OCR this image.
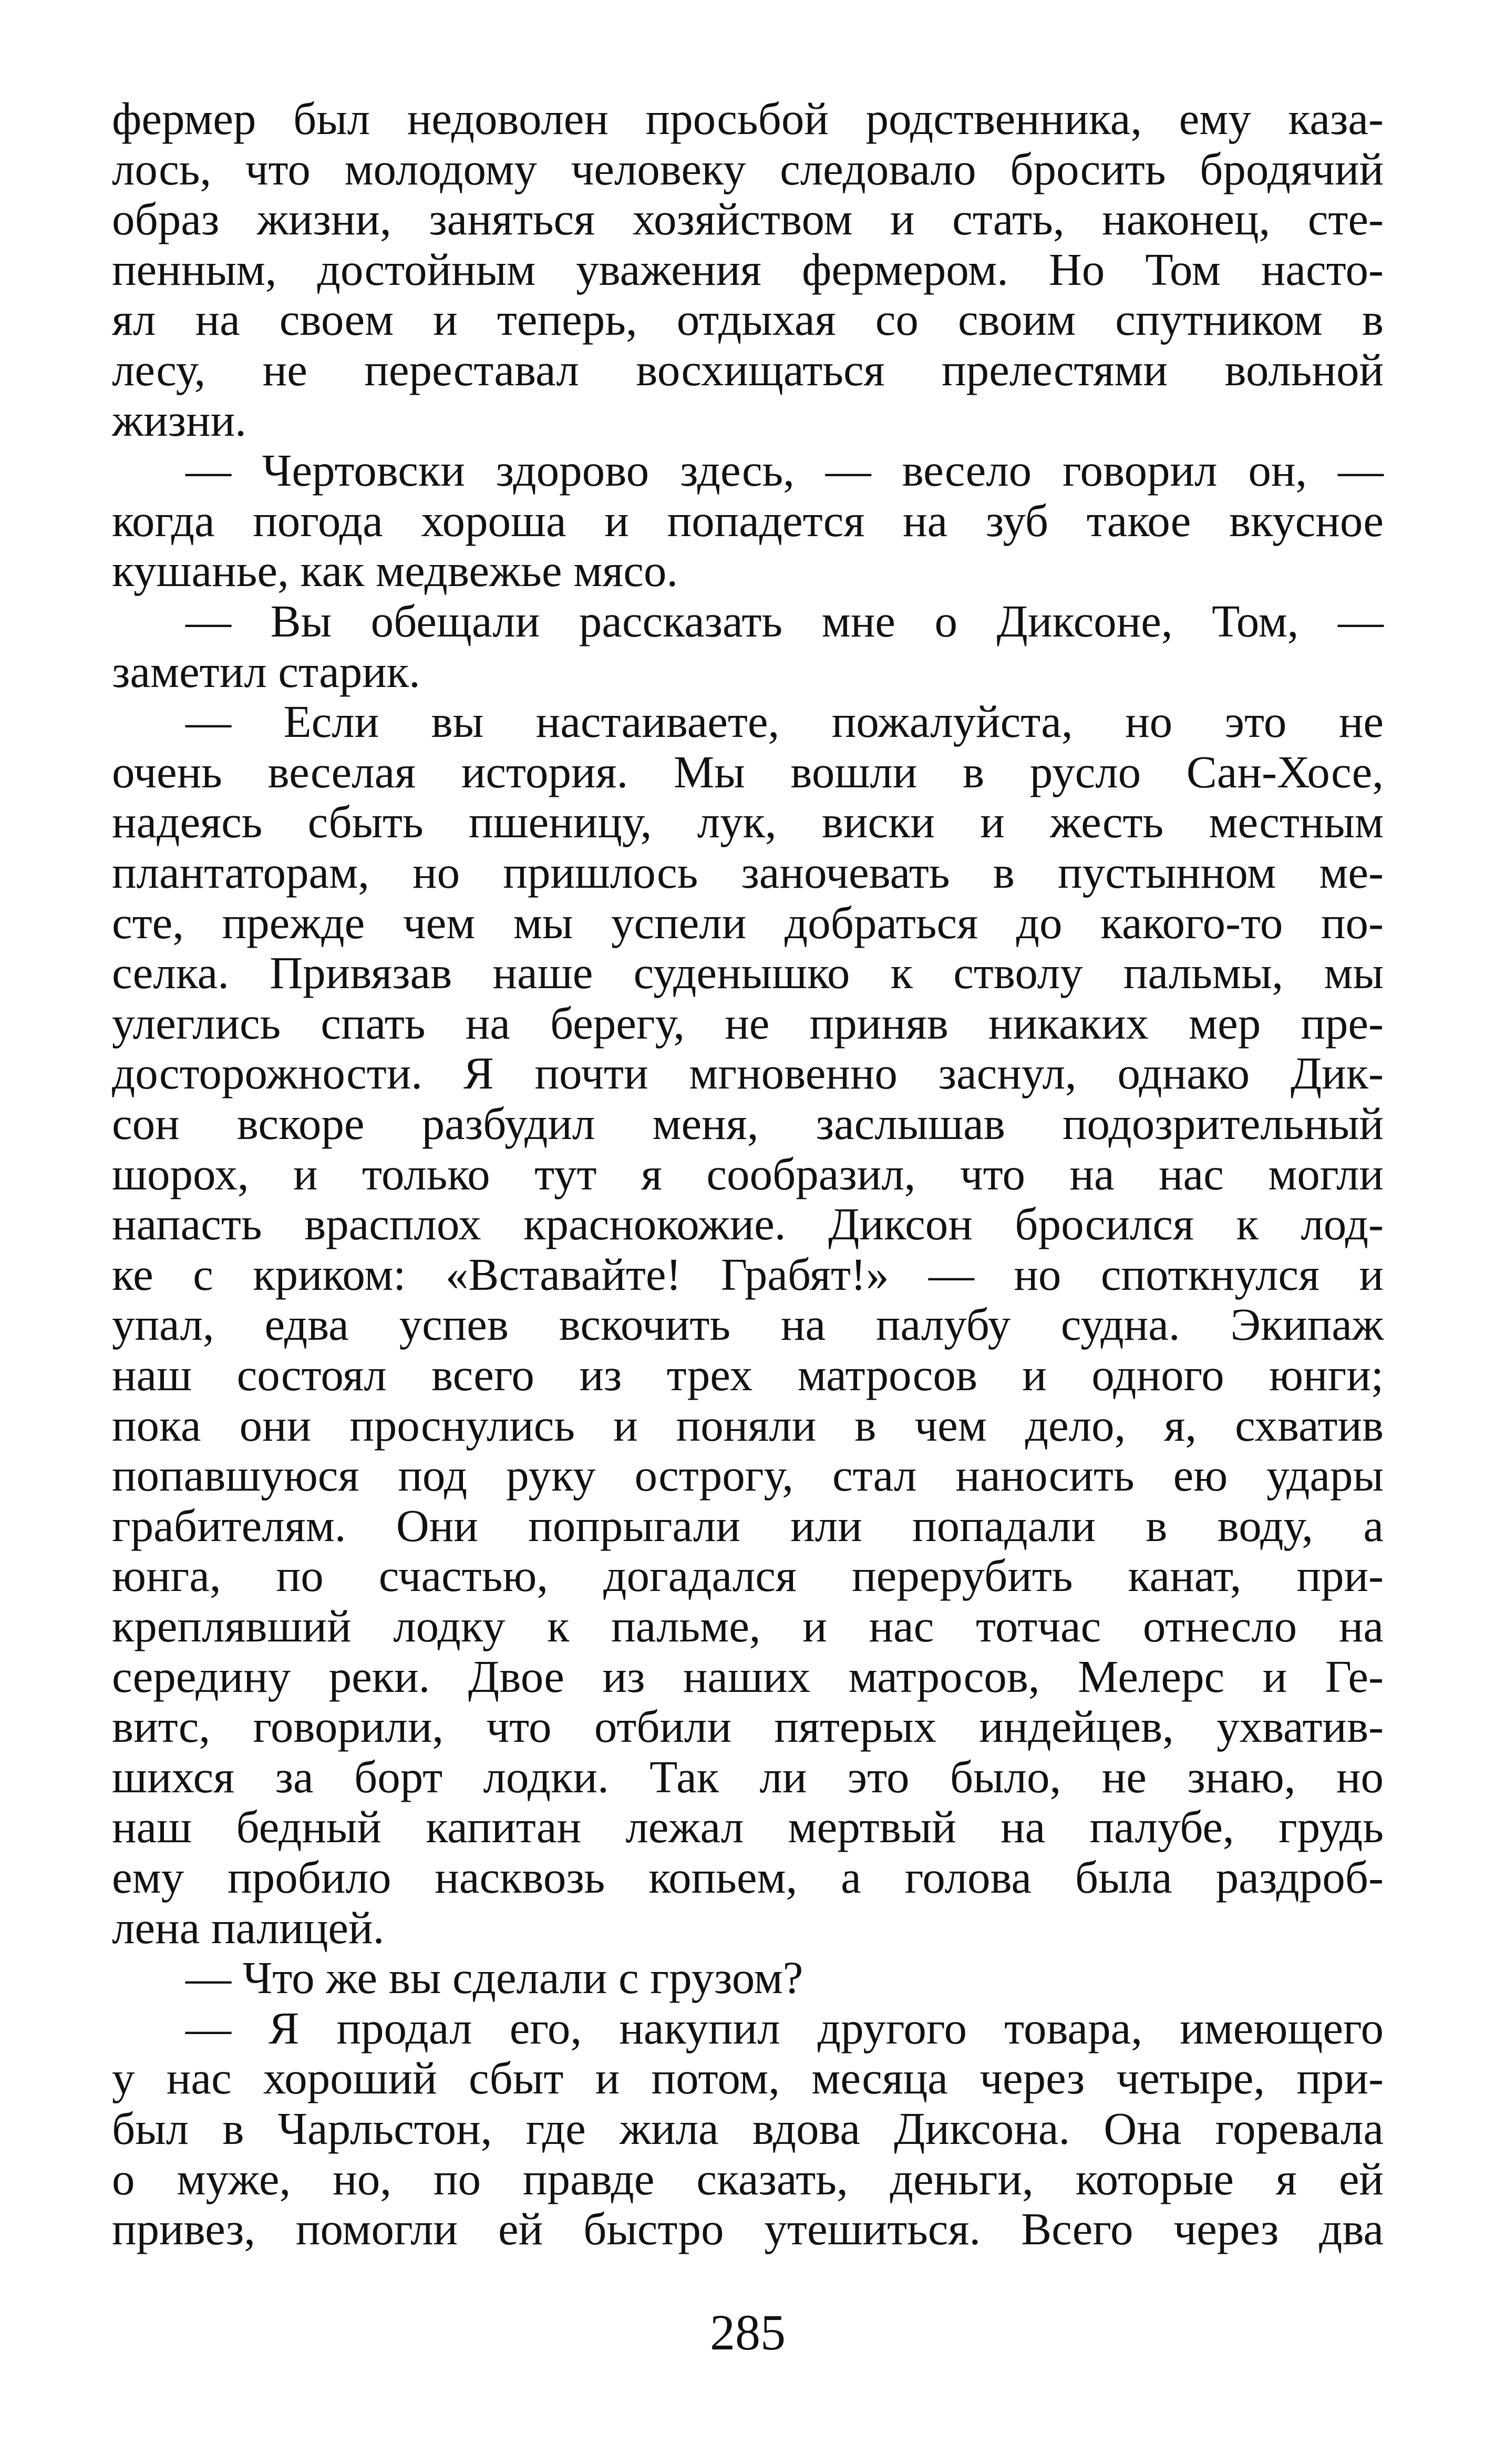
фермер был недоволен просьбой родственника, ему каза-
лось, что молодому человеку следовало бросить бродячий
образ жизни, заняться хозяйством и стать, наконец, сте-
пенным, достойным уважения фермером. Но Том насто-
ял на своем и теперь, отдыхая со своим спутником в
лесу, не переставал восхищаться прелестями вольной
жизни.
— Чертовски здорово здесь, — весело говорил он, —
когда погода хороша и попадется на зуб такое вкусное
кушанье, как медвежье мясо.
— Вы обещали рассказать мне о Диксоне, Том, —
заметил старик.
— Если вы настаиваете, пожалуйста, но это не
очень веселая история. Мы вошли в русло Сан-Хосе,
надеясь сбыть пшеницу, лук, виски и жесть местным
плантаторам, но пришлось заночевать в пустынном ме-
сте, прежде чем мы успели добраться до какого-то по-
селка. Привязав наше суденышко к стволу пальмы, мы
улеглись спать на берегу, не приняв никаких мер пре-
досторожности. Я почти мгновенно заснул, однако Дик-
сон вскоре разбудил меня, заслышав подозрительный
шорох, и только тут я сообразил, что на нас могли
напасть врасплох краснокожие. Диксон бросился к лод-
ке с криком: «Вставайте! Грабят!» — но споткнулся и
упал, едва успев вскочить на палубу судна. Экипаж
наш состоял всего из трех матросов и одного юнги;
пока они проснулись и поняли в чем дело, я, схватив
попавшуюся под руку острогу, стал наносить ею удары
грабителям. Они попрыгали или попадали в воду, а
юнга, по счастью, догадался перерубить канат, при-
креплявший лодку к пальме, и нас тотчас отнесло на
середину реки. Двое из наших матросов, Мелерс и Ге-
витс, говорили, что отбили пятерых индейцев, ухватив-
шихся за борт лодки. Так ли это было, не знаю, но
наш бедный капитан лежал мертвый на палубе, грудь
ему пробило насквозь копьем, а голова была раздроб-
лена палицей.
— Что же вы сделали с грузом?
— Я продал его, накупил другого товара, имеющего
у нас хороший сбыт и потом, месяца через четыре, при-
был в Чарльстон, где жила вдова Диксона. Она горевала
о муже, но, по правде сказать, деньги, которые я ей
привез, помогли ей быстро утешиться. Всего через два
285
